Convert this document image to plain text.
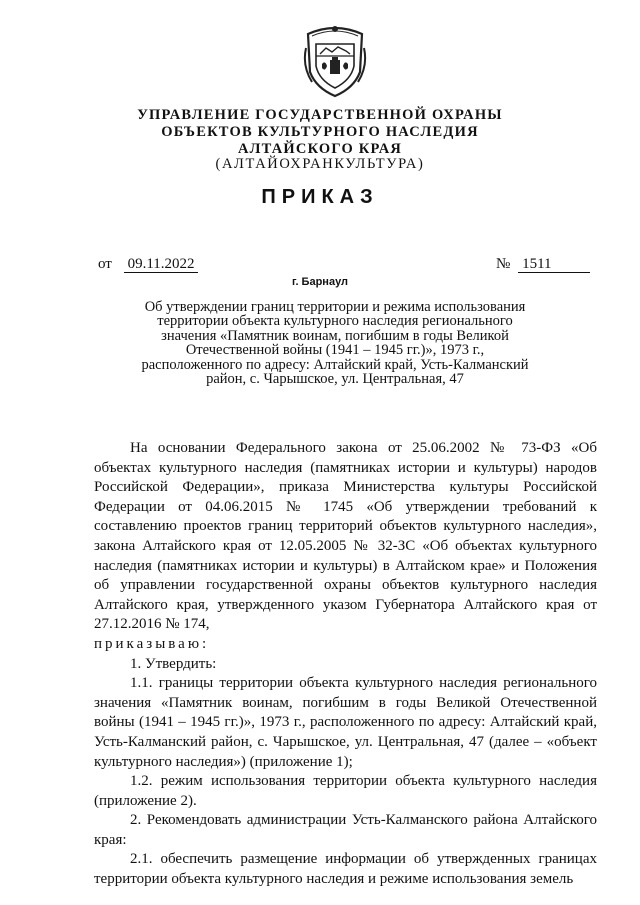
УПРАВЛЕНИЕ ГОСУДАРСТВЕННОЙ ОХРАНЫ
ОБЪЕКТОВ КУЛЬТУРНОГО НАСЛЕДИЯ
АЛТАЙСКОГО КРАЯ
(АЛТАЙОХРАНКУЛЬТУРА)
ПРИКАЗ
от 09.11.2022	№ 1511
г. Барнаул
Об утверждении границ территории и режима использования
территории объекта культурного наследия регионального
значения «Памятник воинам, погибшим в годы Великой
Отечественной войны (1941 – 1945 гг.)», 1973 г.,
расположенного по адресу: Алтайский край, Усть-Калманский
район, с. Чарышское, ул. Центральная, 47

На основании Федерального закона от 25.06.2002 № 73-ФЗ «Об объектах культурного наследия (памятниках истории и культуры) народов Российской Федерации», приказа Министерства культуры Российской Федерации от 04.06.2015 № 1745 «Об утверждении требований к составлению проектов границ территорий объектов культурного наследия», закона Алтайского края от 12.05.2005 № 32-ЗС «Об объектах культурного наследия (памятниках истории и культуры) в Алтайском крае» и Положения об управлении государственной охраны объектов культурного наследия Алтайского края, утвержденного указом Губернатора Алтайского края от 27.12.2016 № 174,

приказываю:

1. Утвердить:

1.1. границы территории объекта культурного наследия регионального значения «Памятник воинам, погибшим в годы Великой Отечественной войны (1941 – 1945 гг.)», 1973 г., расположенного по адресу: Алтайский край, Усть-Калманский район, с. Чарышское, ул. Центральная, 47 (далее – «объект культурного наследия») (приложение 1);

1.2. режим использования территории объекта культурного наследия (приложение 2).

2. Рекомендовать администрации Усть-Калманского района Алтайского края:

2.1. обеспечить размещение информации об утвержденных границах территории объекта культурного наследия и режиме использования земель
